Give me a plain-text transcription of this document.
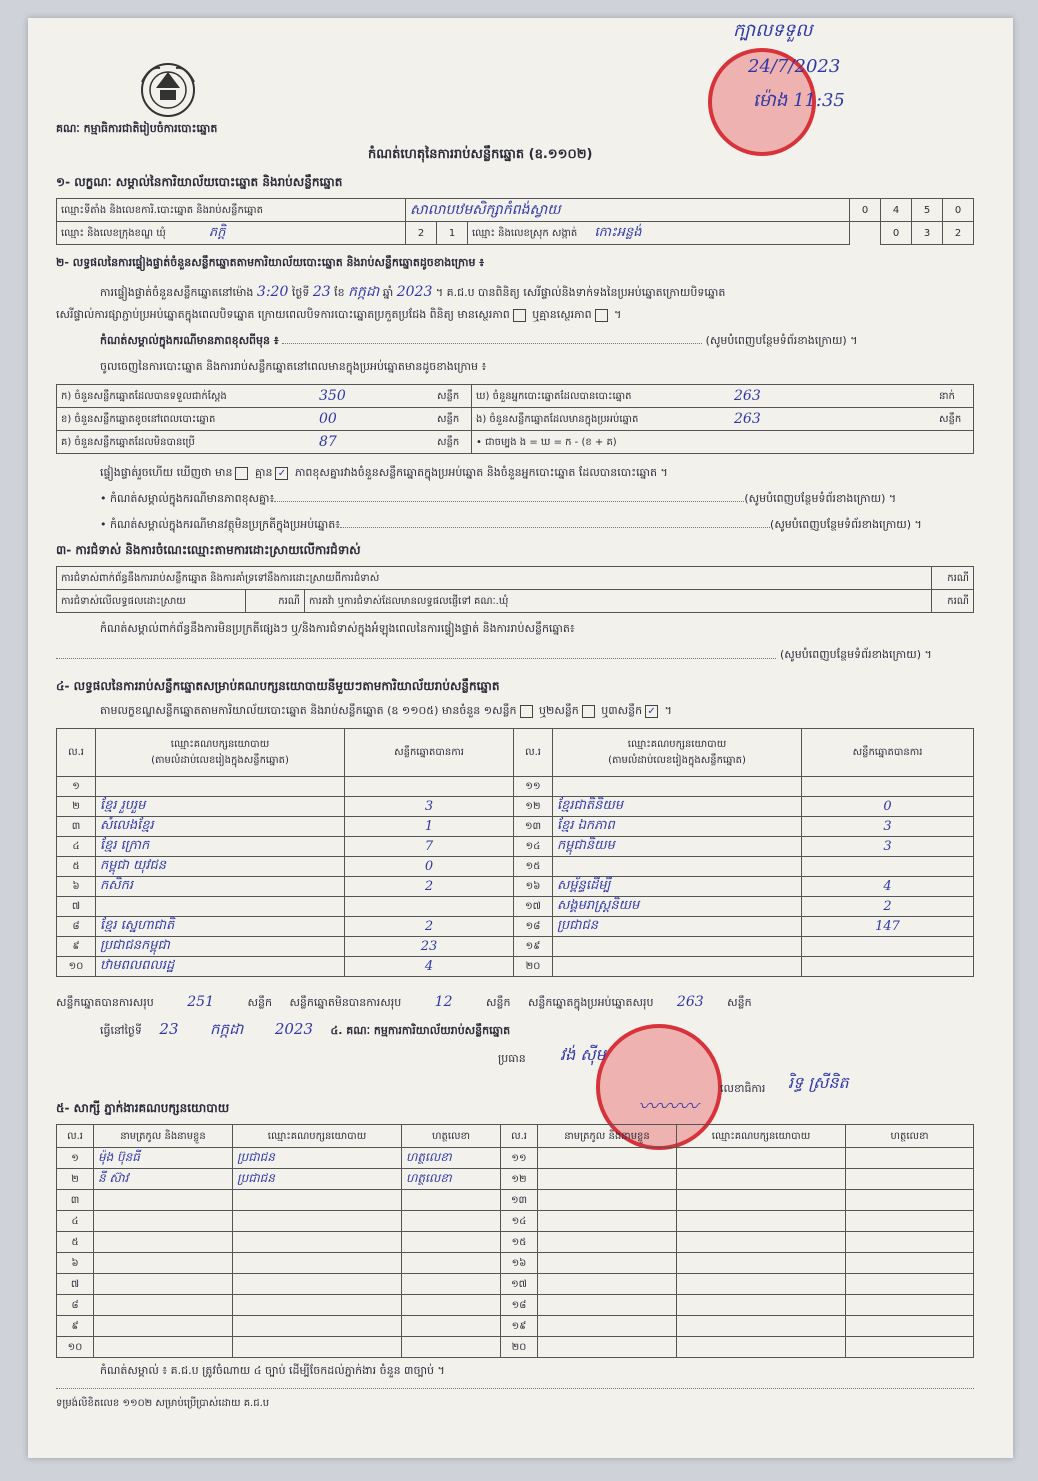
គណៈ កម្មាធិការជាតិរៀបចំការបោះឆ្នោត
ក្បាលទទួល
24/7/2023
ម៉ោង 11:35
កំណត់ហេតុនៃការរាប់សន្លឹកឆ្នោត (ឧ.១១០២)
១- លក្ខណៈ សម្គាល់នៃការិយាល័យបោះឆ្នោត និងរាប់សន្លឹកឆ្នោត
ឈ្មោះទីតាំង និងលេខការិ.បោះឆ្នោត និងរាប់សន្លឹកឆ្នោត	សាលាបឋមសិក្សាកំពង់ស្វាយ			0	4	5	0
ឈ្មោះ និងលេខក្រុងខណ្ឌ ឃុំ ភក្តិ	2	1	ឈ្មោះ និងលេខស្រុក សង្កាត់ កោះអន្លង់		0	3	2
២- លទ្ធផលនៃការផ្ទៀងផ្ទាត់ចំនួនសន្លឹកឆ្នោតតាមការិយាល័យបោះឆ្នោត និងរាប់សន្លឹកឆ្នោតដូចខាងក្រោម ៖
ការផ្ទៀងផ្ទាត់ចំនួនសន្លឹកឆ្នោតនៅម៉ោង 3:20 ថ្ងៃទី 23 ខែ កក្កដា ឆ្នាំ 2023 ។ គ.ជ.ប បានពិនិត្យ សេរីផ្ទាល់និងទាក់ទងនៃប្រអប់ឆ្នោតក្រោយបិទឆ្នោត
សេរីផ្ទាល់ការផ្សាភ្ជាប់ប្រអប់ឆ្នោតក្នុងពេលបិទឆ្នោត ក្រោយពេលបិទការបោះឆ្នោតប្រកួតប្រជែង ពិនិត្យ មានស្ថេរភាព ឬគ្មានស្ថេរភាព ។
កំណត់សម្គាល់ក្នុងករណីមានភាពខុសពីមុន ៖	(សូមបំពេញបន្ថែមទំព័រខាងក្រោយ) ។
ចូលចេញនៃការបោះឆ្នោត និងការរាប់សន្លឹកឆ្នោតនៅពេលមានក្នុងប្រអប់ឆ្នោតមានដូចខាងក្រោម ៖
ក) ចំនួនសន្លឹកឆ្នោតដែលបានទទួលជាក់ស្តែង	350	សន្លឹក	ឃ) ចំនួនអ្នកបោះឆ្នោតដែលបានបោះឆ្នោត	263	នាក់
ខ) ចំនួនសន្លឹកឆ្នោតខូចនៅពេលបោះឆ្នោត	00	សន្លឹក	ង) ចំនួនសន្លឹកឆ្នោតដែលមានក្នុងប្រអប់ឆ្នោត	263	សន្លឹក
គ) ចំនួនសន្លឹកឆ្នោតដែលមិនបានប្រើ	87	សន្លឹក	• ជាចម្បង ង = ឃ = ក - (ខ + គ)		
ផ្ទៀងផ្ទាត់រួចហើយ ឃើញថា មាន គ្មាន ✓ ភាពខុសគ្នារវាងចំនួនសន្លឹកឆ្នោតក្នុងប្រអប់ឆ្នោត និងចំនួនអ្នកបោះឆ្នោត ដែលបានបោះឆ្នោត ។
• កំណត់សម្គាល់ក្នុងករណីមានភាពខុសគ្នា៖	(សូមបំពេញបន្ថែមទំព័រខាងក្រោយ) ។
• កំណត់សម្គាល់ក្នុងករណីមានវត្ថុមិនប្រក្រតីក្នុងប្រអប់ឆ្នោត៖	(សូមបំពេញបន្ថែមទំព័រខាងក្រោយ) ។
៣- ការជំទាស់ និងការចំណេះឈ្មោះតាមការដោះស្រាយលើការជំទាស់
ការជំទាស់ពាក់ព័ន្ធនឹងការរាប់សន្លឹកឆ្នោត និងការគាំទ្រទៅនឹងការដោះស្រាយពីការជំទាស់			ករណី
ការជំទាស់លើលទ្ធផលដោះស្រាយ	ករណី	ការតវ៉ា ឬការជំទាស់ដែលមានលទ្ធផលផ្ញើទៅ គណៈ.ឃុំ	ករណី
កំណត់សម្គាល់ពាក់ព័ន្ធនឹងការមិនប្រក្រតីផ្សេងៗ ឬ/និងការជំទាស់ក្នុងអំឡុងពេលនៃការផ្ទៀងផ្ទាត់ និងការរាប់សន្លឹកឆ្នោត៖
(សូមបំពេញបន្ថែមទំព័រខាងក្រោយ) ។
៤- លទ្ធផលនៃការរាប់សន្លឹកឆ្នោតសម្រាប់គណបក្សនយោបាយនីមួយៗតាមការិយាល័យរាប់សន្លឹកឆ្នោត
តាមលក្ខខណ្ឌសន្លឹកឆ្នោតតាមការិយាល័យបោះឆ្នោត និងរាប់សន្លឹកឆ្នោត (ឧ ១១០៥) មានចំនួន ១សន្លឹក ឬ២សន្លឹក ឬ៣សន្លឹក ✓ ។
ល.រ	ឈ្មោះគណបក្សនយោបាយ
(តាមលំដាប់លេខរៀងក្នុងសន្លឹកឆ្នោត)	សន្លឹកឆ្នោតបានការ	ល.រ	ឈ្មោះគណបក្សនយោបាយ
(តាមលំដាប់លេខរៀងក្នុងសន្លឹកឆ្នោត)	សន្លឹកឆ្នោតបានការ
១			១១		
២	ខ្មែរ រួបរួម	3	១២	ខ្មែរជាតិនិយម	0
៣	សំលេងខ្មែរ	1	១៣	ខ្មែរ ឯកភាព	3
៤	ខ្មែរ ក្រោក	7	១៤	កម្ពុជានិយម	3
៥	កម្ពុជា យុវជន	0	១៥		
៦	កសិករ	2	១៦	សម្ព័ន្ធដើម្បី	4
៧			១៧	សង្គមរាស្ត្រនិយម	2
៨	ខ្មែរ ស្នេហាជាតិ	2	១៨	ប្រជាជន	147
៩	ប្រជាជនកម្ពុជា	23	១៩		
១០	ឋាមពលពលរដ្ឋ	4	២០		
សន្លឹកឆ្នោតបានការសរុប 251	សន្លឹក សន្លឹកឆ្នោតមិនបានការសរុប 12	សន្លឹក សន្លឹកឆ្នោតក្នុងប្រអប់ឆ្នោតសរុប 263 សន្លឹក
ធ្វើនៅថ្ងៃទី 23 កក្កដា 2023 ៤. គណៈ កម្មការការិយាល័យរាប់សន្លឹកឆ្នោត
ប្រធាន វង់ ស៊ីម
〰〰〰
លេខាធិការ រិទ្ធ ស្រីនិត
៥- សាក្សី ភ្នាក់ងារគណបក្សនយោបាយ
ល.រ	នាមត្រកូល និងនាមខ្លួន	ឈ្មោះគណបក្សនយោបាយ	ហត្ថលេខា	ល.រ	នាមត្រកូល និងនាមខ្លួន	ឈ្មោះគណបក្សនយោបាយ	ហត្ថលេខា
១	ម៉ុង ប៊ុនធី	ប្រជាជន	ហត្ថលេខា	១១			
២	នី ស៊ាវ	ប្រជាជន	ហត្ថលេខា	១២			
៣				១៣			
៤				១៤			
៥				១៥			
៦				១៦			
៧				១៧			
៨				១៨			
៩				១៩			
១០				២០			
កំណត់សម្គាល់ ៖ គ.ជ.ប ត្រូវចំណាយ ៤ ច្បាប់ ដើម្បីចែកដល់ភ្នាក់ងារ ចំនួន ៣ច្បាប់ ។
ទម្រង់លិខិតលេខ ១១០២ សម្រាប់ប្រើប្រាស់ដោយ គ.ជ.ប
